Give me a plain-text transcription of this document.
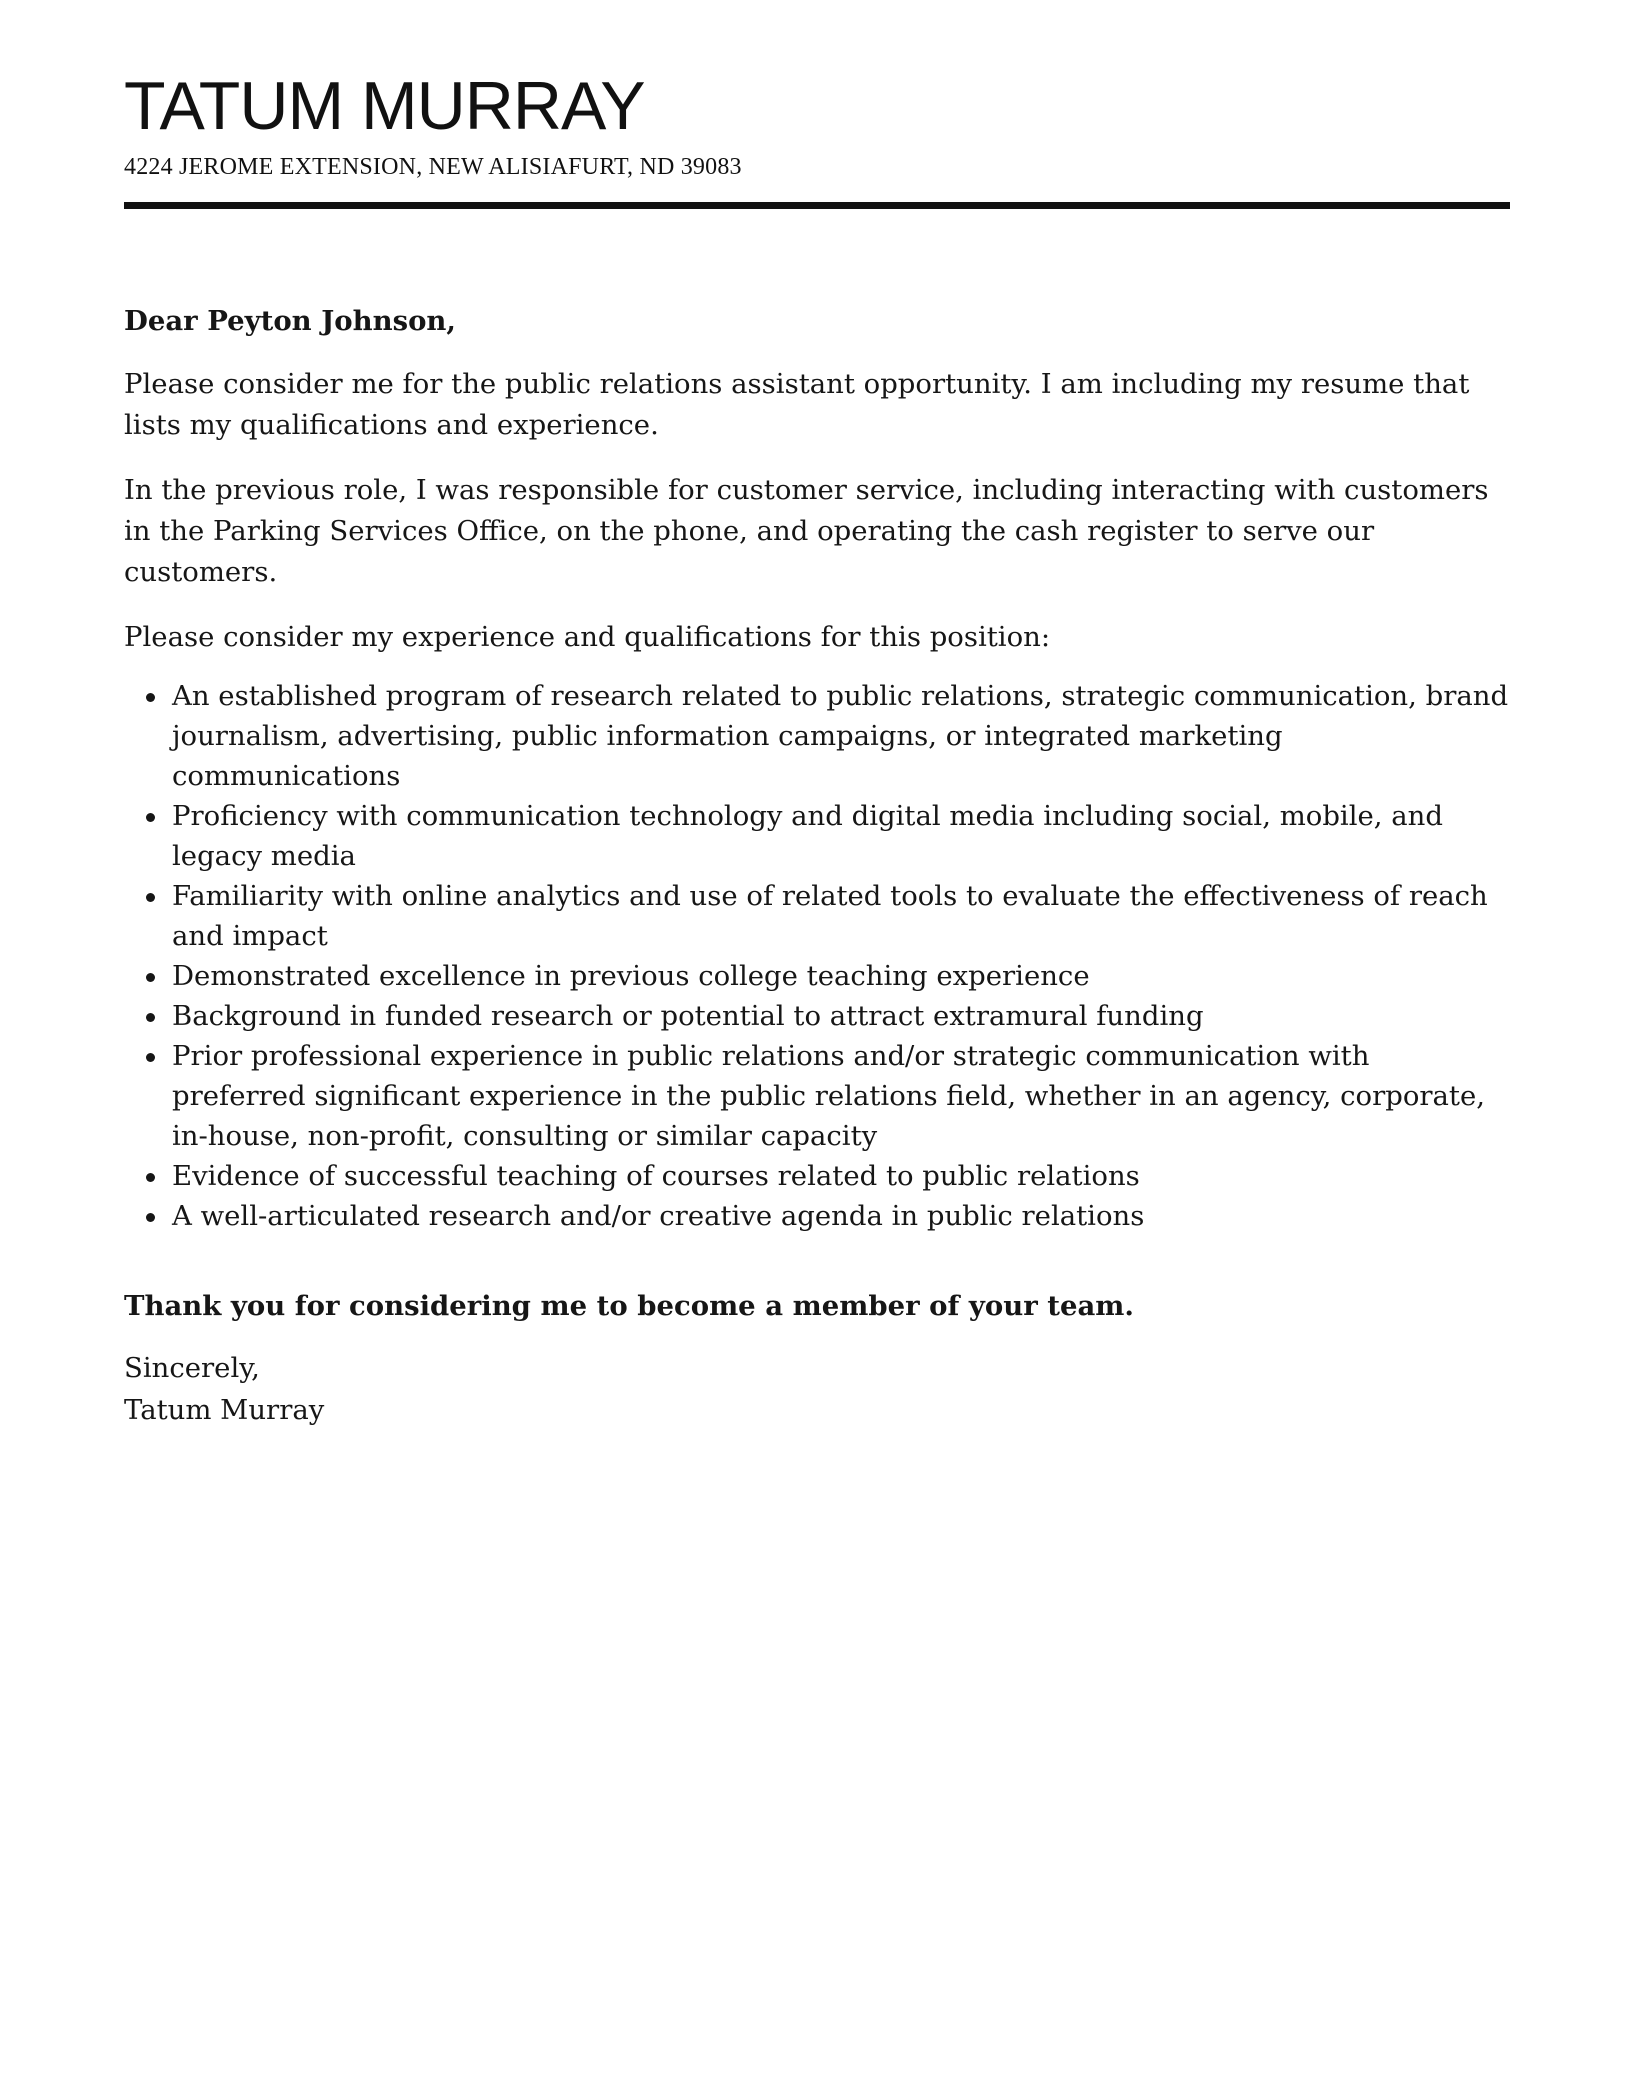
TATUM MURRAY
4224 JEROME EXTENSION, NEW ALISIAFURT, ND 39083
Dear Peyton Johnson,

Please consider me for the public relations assistant opportunity. I am including my resume that lists my qualifications and experience.

In the previous role, I was responsible for customer service, including interacting with customers in the Parking Services Office, on the phone, and operating the cash register to serve our customers.

Please consider my experience and qualifications for this position:

An established program of research related to public relations, strategic communication, brand journalism, advertising, public information campaigns, or integrated marketing communications
Proficiency with communication technology and digital media including social, mobile, and legacy media
Familiarity with online analytics and use of related tools to evaluate the effectiveness of reach and impact
Demonstrated excellence in previous college teaching experience
Background in funded research or potential to attract extramural funding
Prior professional experience in public relations and/or strategic communication with preferred significant experience in the public relations field, whether in an agency, corporate, in-house, non-profit, consulting or similar capacity
Evidence of successful teaching of courses related to public relations
A well-articulated research and/or creative agenda in public relations
Thank you for considering me to become a member of your team.
Sincerely,
Tatum Murray
